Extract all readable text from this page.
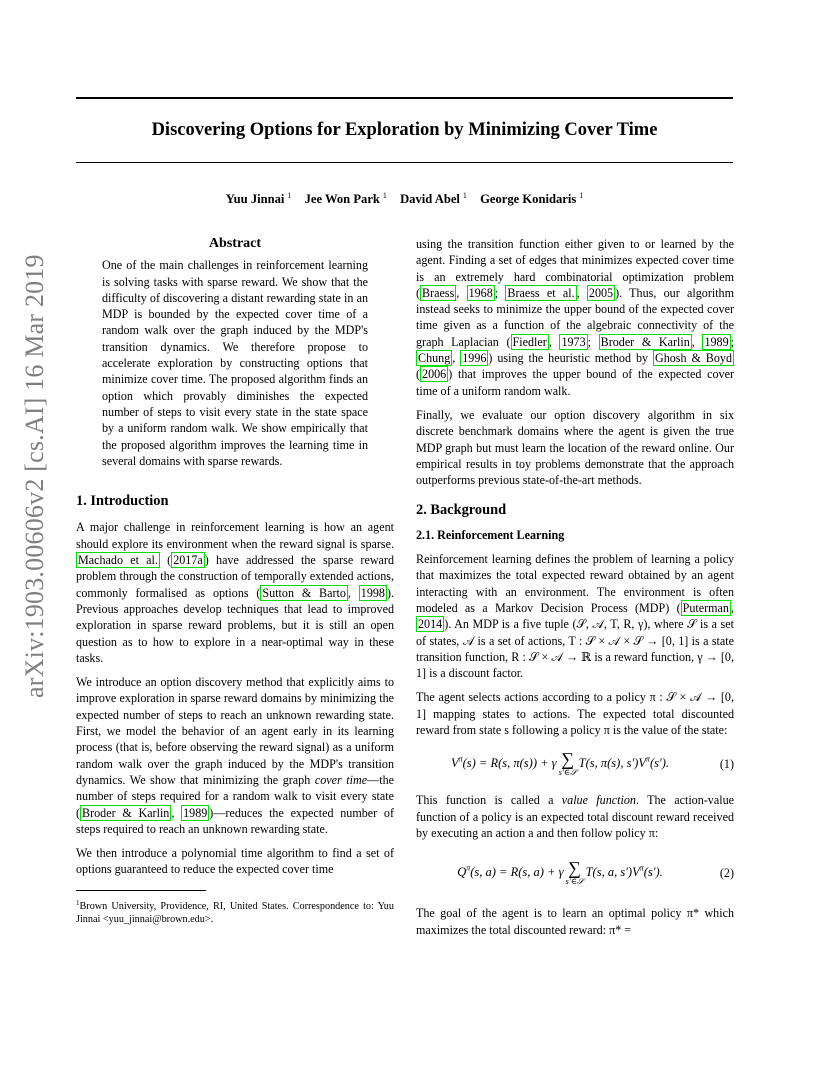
arXiv:1903.00606v2 [cs.AI] 16 Mar 2019
Discovering Options for Exploration by Minimizing Cover Time
Yuu Jinnai $^1$ Jee Won Park $^1$ David Abel $^1$ George Konidaris $^1$
Abstract

One of the main challenges in reinforcement learning is solving tasks with sparse reward. We show that the difficulty of discovering a distant rewarding state in an MDP is bounded by the expected cover time of a random walk over the graph induced by the MDP's transition dynamics. We therefore propose to accelerate exploration by constructing options that minimize cover time. The proposed algorithm finds an option which provably diminishes the expected number of steps to visit every state in the state space by a uniform random walk. We show empirically that the proposed algorithm improves the learning time in several domains with sparse rewards.

1. Introduction

A major challenge in reinforcement learning is how an agent should explore its environment when the reward signal is sparse. Machado et al. ( 2017a ) have addressed the sparse reward problem through the construction of temporally extended actions, commonly formalised as options ( Sutton & Barto , 1998 ). Previous approaches develop techniques that lead to improved exploration in sparse reward problems, but it is still an open question as to how to explore in a near-optimal way in these tasks.

We introduce an option discovery method that explicitly aims to improve exploration in sparse reward domains by minimizing the expected number of steps to reach an unknown rewarding state. First, we model the behavior of an agent early in its learning process (that is, before observing the reward signal) as a uniform random walk over the graph induced by the MDP's transition dynamics. We show that minimizing the graph cover time—the number of steps required for a random walk to visit every state ( Broder & Karlin , 1989 )—reduces the expected number of steps required to reach an unknown rewarding state.

We then introduce a polynomial time algorithm to find a set of options guaranteed to reduce the expected cover time

$^1$Brown University, Providence, RI, United States. Correspondence to: Yuu Jinnai <yuu_jinnai@brown.edu>.

using the transition function either given to or learned by the agent. Finding a set of edges that minimizes expected cover time is an extremely hard combinatorial optimization problem ( Braess , 1968 ; Braess et al. , 2005 ). Thus, our algorithm instead seeks to minimize the upper bound of the expected cover time given as a function of the algebraic connectivity of the graph Laplacian ( Fiedler , 1973 ; Broder & Karlin , 1989 ; Chung , 1996 ) using the heuristic method by Ghosh & Boyd ( 2006 ) that improves the upper bound of the expected cover time of a uniform random walk.

Finally, we evaluate our option discovery algorithm in six discrete benchmark domains where the agent is given the true MDP graph but must learn the location of the reward online. Our empirical results in toy problems demonstrate that the approach outperforms previous state-of-the-art methods.

2. Background
2.1. Reinforcement Learning

Reinforcement learning defines the problem of learning a policy that maximizes the total expected reward obtained by an agent interacting with an environment. The environment is often modeled as a Markov Decision Process (MDP) ( Puterman , 2014 ). An MDP is a five tuple (𝒮, 𝒜, T, R, γ), where 𝒮 is a set of states, 𝒜 is a set of actions, T : 𝒮 × 𝒜 × 𝒮 → [0, 1] is a state transition function, R : 𝒮 × 𝒜 → ℝ is a reward function, γ → [0, 1] is a discount factor.

The agent selects actions according to a policy π : 𝒮 × 𝒜 → [0, 1] mapping states to actions. The expected total discounted reward from state s following a policy π is the value of the state:

$V^\pi(s) = R(s$, π(s)) + γ ∑
s′∈𝒮
T(s, π(s), $s')V^\pi(s')$.	(1)

This function is called a value function. The action-value function of a policy is an expected total discount reward received by executing an action a and then follow policy π:

$Q^\pi(s$, a) = R(s, a) + γ ∑
s′∈𝒮
T(s, a, $s')V^\pi(s')$.	(2)

The goal of the agent is to learn an optimal policy π* which maximizes the total discounted reward: π* =
